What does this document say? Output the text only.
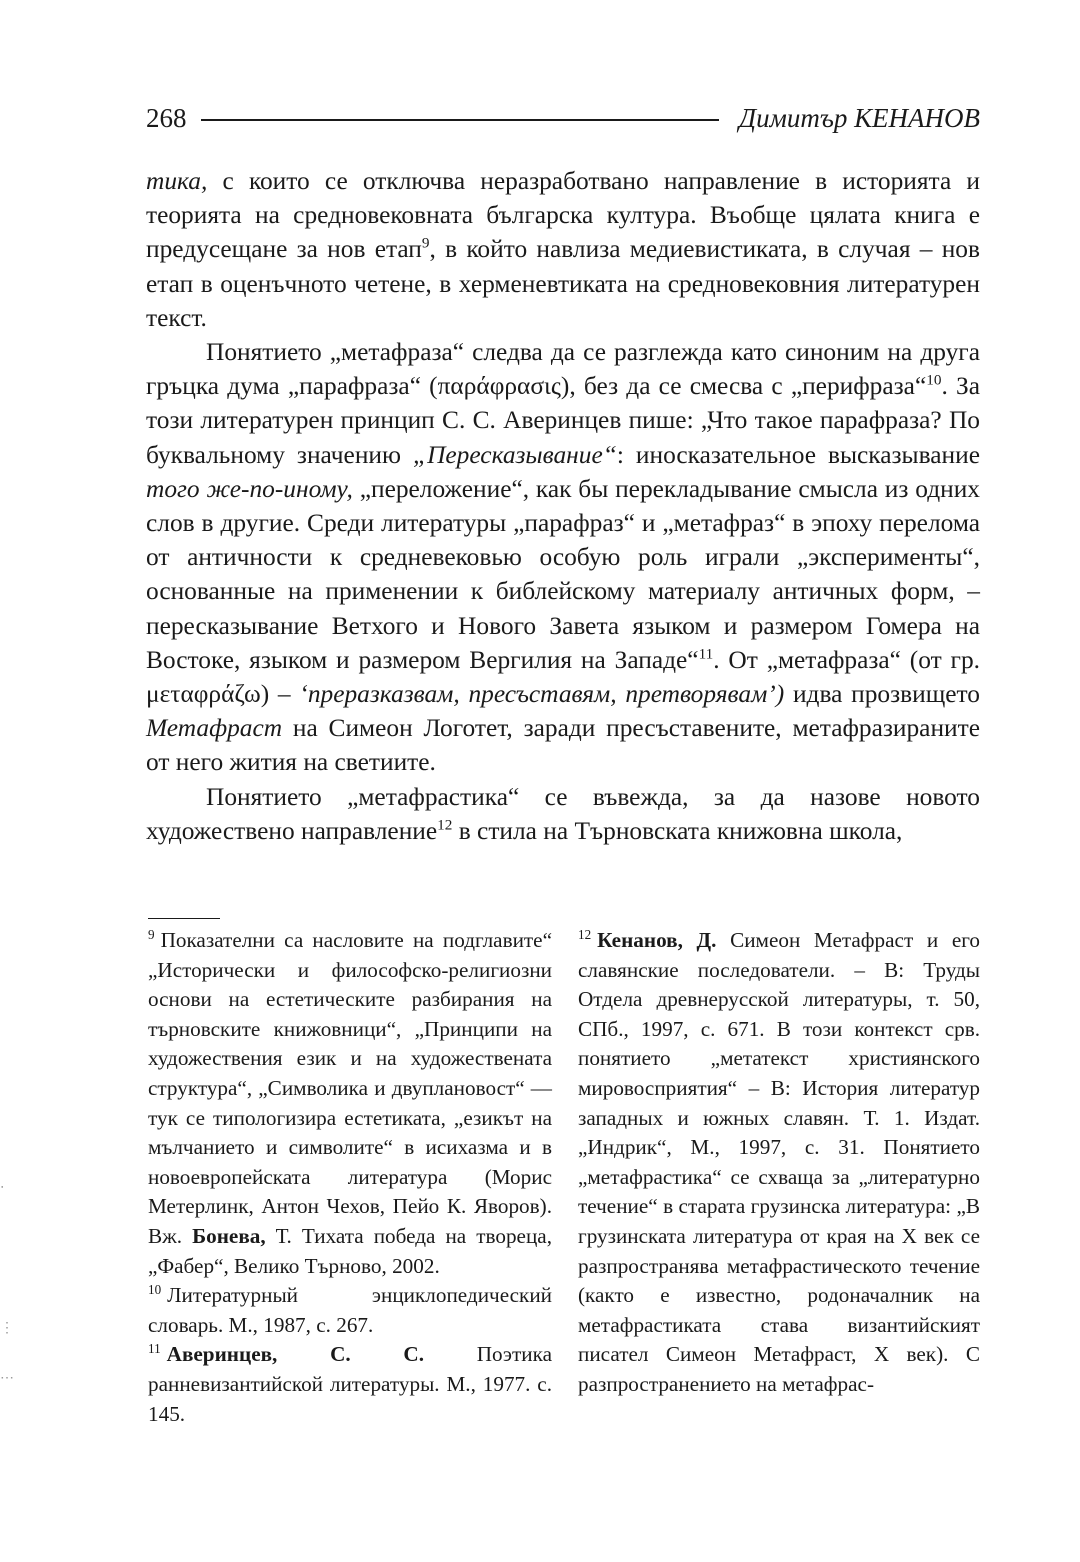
268	Димитър КЕНАНОВ

тика, с които се отключва неразработвано направление в историята и теорията на средновековната българска култура. Въобще цялата книга е предусещане за нов етап$^9$, в който навлиза медиевистиката, в случая – нов етап в оценъчното четене, в херменевтиката на средновековния литературен текст.

Понятието „метафраза“ следва да се разглежда като синоним на друга гръцка дума „парафраза“ (παράφρασις), без да се смесва с „перифраза“$^{10}$. За този литературен принцип С. С. Аверинцев пише: „Что такое парафраза? По буквальному значению „Пересказывание“: иносказательное высказывание того же-по-иному, „переложение“, как бы перекладывание смысла из одних слов в другие. Среди литературы „парафраз“ и „метафраз“ в эпоху перелома от античности к средневековью особую роль играли „эксперименты“, основанные на применении к библейскому материалу античных форм, – пересказывание Ветхого и Нового Завета языком и размером Гомера на Востоке, языком и размером Вергилия на Западе“$^{11}$. От „метафраза“ (от гр. μεταφράζω) – ‘преразказвам, пресъставям, претворявам’) идва прозвището Метафраст на Симеон Логотет, заради пресъставените, метафразираните от него жития на светиите.

Понятието „метафрастика“ се въвежда, за да назове новото художествено направление$^{12}$ в стила на Търновската книжовна школа,

$^9$ Показателни са насловите на подглавите“ „Исторически и философско-религиозни основи на естетическите разбирания на търновските книжовници“, „Принципи на художествения език и на художествената структура“, „Символика и двуплановост“ — тук се типологизира естетиката, „езикът на мълчанието и символите“ в исихазма и в новоевропейската литература (Морис Метерлинк, Антон Чехов, Пейо К. Яворов). Вж. Бонева, Т. Тихата победа на твореца, „Фабер“, Велико Търново, 2002.

$^{10}$ Литературный энциклопедический словарь. М., 1987, с. 267.

$^{11}$ Аверинцев, С. С. Поэтика ранневизантийской литературы. М., 1977. с. 145.

$^{12}$ Кенанов, Д. Симеон Метафраст и его славянские последователи. – В: Труды Отдела древнерусской литературы, т. 50, СПб., 1997, с. 671. В този контекст срв. понятието „метатекст християнского мировосприятия“ – В: История литератур западных и южных славян. Т. 1. Издат. „Индрик“, М., 1997, с. 31. Понятието „метафрастика“ се схваща за „литературно течение“ в старата грузинска литература: „В грузинската литература от края на X век се разпространява метафрастическото течение (както е известно, родоначалник на метафрастиката става византийският писател Симеон Метафраст, X век). С разпространението на метафрас-

‧
⋮
⋯
